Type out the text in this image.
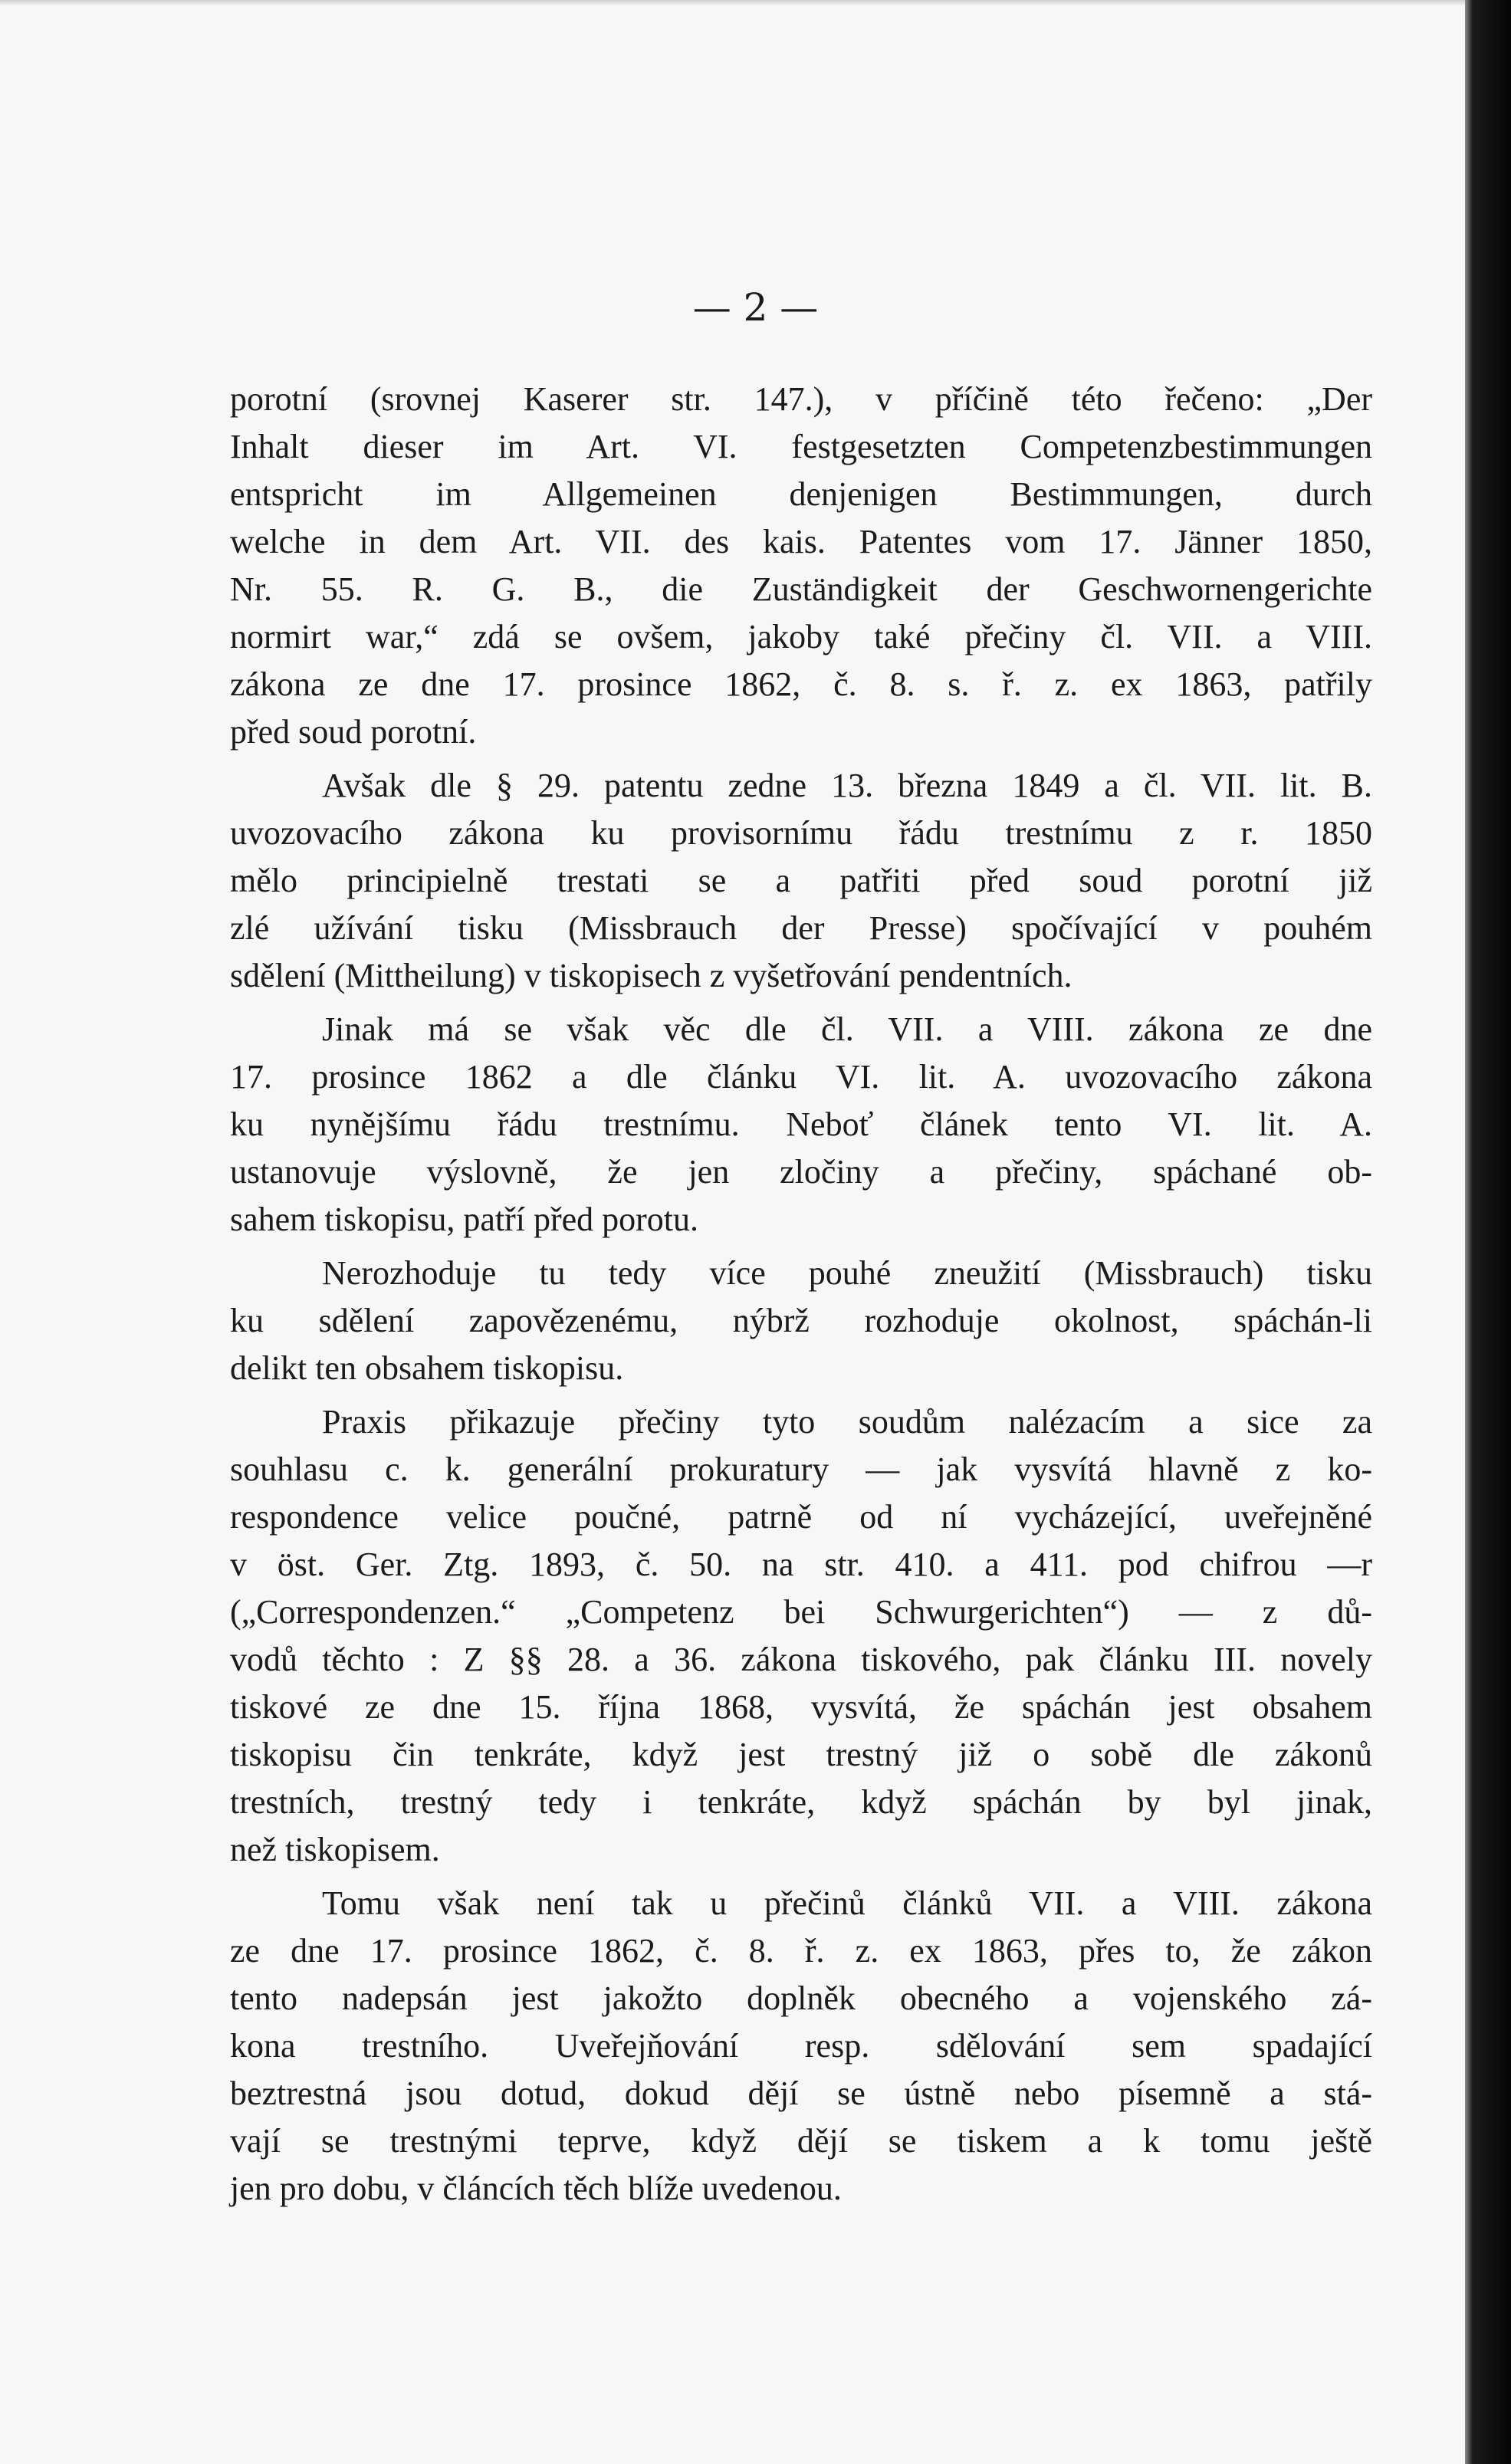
— 2 —
porotní (srovnej Kaserer str. 147.), v příčině této řečeno: „Der
Inhalt dieser im Art. VI. festgesetzten Competenzbestimmungen
entspricht im Allgemeinen denjenigen Bestimmungen, durch
welche in dem Art. VII. des kais. Patentes vom 17. Jänner 1850,
Nr. 55. R. G. B., die Zuständigkeit der Geschwornengerichte
normirt war,“ zdá se ovšem, jakoby také přečiny čl. VII. a VIII.
zákona ze dne 17. prosince 1862, č. 8. s. ř. z. ex 1863, patřily
před soud porotní.
Avšak dle § 29. patentu zedne 13. března 1849 a čl. VII. lit. B.
uvozovacího zákona ku provisornímu řádu trestnímu z r. 1850
mělo principielně trestati se a patřiti před soud porotní již
zlé užívání tisku (Missbrauch der Presse) spočívající v pouhém
sdělení (Mittheilung) v tiskopisech z vyšetřování pendentních.
Jinak má se však věc dle čl. VII. a VIII. zákona ze dne
17. prosince 1862 a dle článku VI. lit. A. uvozovacího zákona
ku nynějšímu řádu trestnímu. Neboť článek tento VI. lit. A.
ustanovuje výslovně, že jen zločiny a přečiny, spáchané ob-
sahem tiskopisu, patří před porotu.
Nerozhoduje tu tedy více pouhé zneužití (Missbrauch) tisku
ku sdělení zapovězenému, nýbrž rozhoduje okolnost, spáchán-li
delikt ten obsahem tiskopisu.
Praxis přikazuje přečiny tyto soudům nalézacím a sice za
souhlasu c. k. generální prokuratury — jak vysvítá hlavně z ko-
respondence velice poučné, patrně od ní vycházející, uveřejněné
v öst. Ger. Ztg. 1893, č. 50. na str. 410. a 411. pod chifrou —r
(„Correspondenzen.“ „Competenz bei Schwurgerichten“) — z dů-
vodů těchto : Z §§ 28. a 36. zákona tiskového, pak článku III. novely
tiskové ze dne 15. října 1868, vysvítá, že spáchán jest obsahem
tiskopisu čin tenkráte, když jest trestný již o sobě dle zákonů
trestních, trestný tedy i tenkráte, když spáchán by byl jinak,
než tiskopisem.
Tomu však není tak u přečinů článků VII. a VIII. zákona
ze dne 17. prosince 1862, č. 8. ř. z. ex 1863, přes to, že zákon
tento nadepsán jest jakožto doplněk obecného a vojenského zá-
kona trestního. Uveřejňování resp. sdělování sem spadající
beztrestná jsou dotud, dokud dějí se ústně nebo písemně a stá-
vají se trestnými teprve, když dějí se tiskem a k tomu ještě
jen pro dobu, v článcích těch blíže uvedenou.
